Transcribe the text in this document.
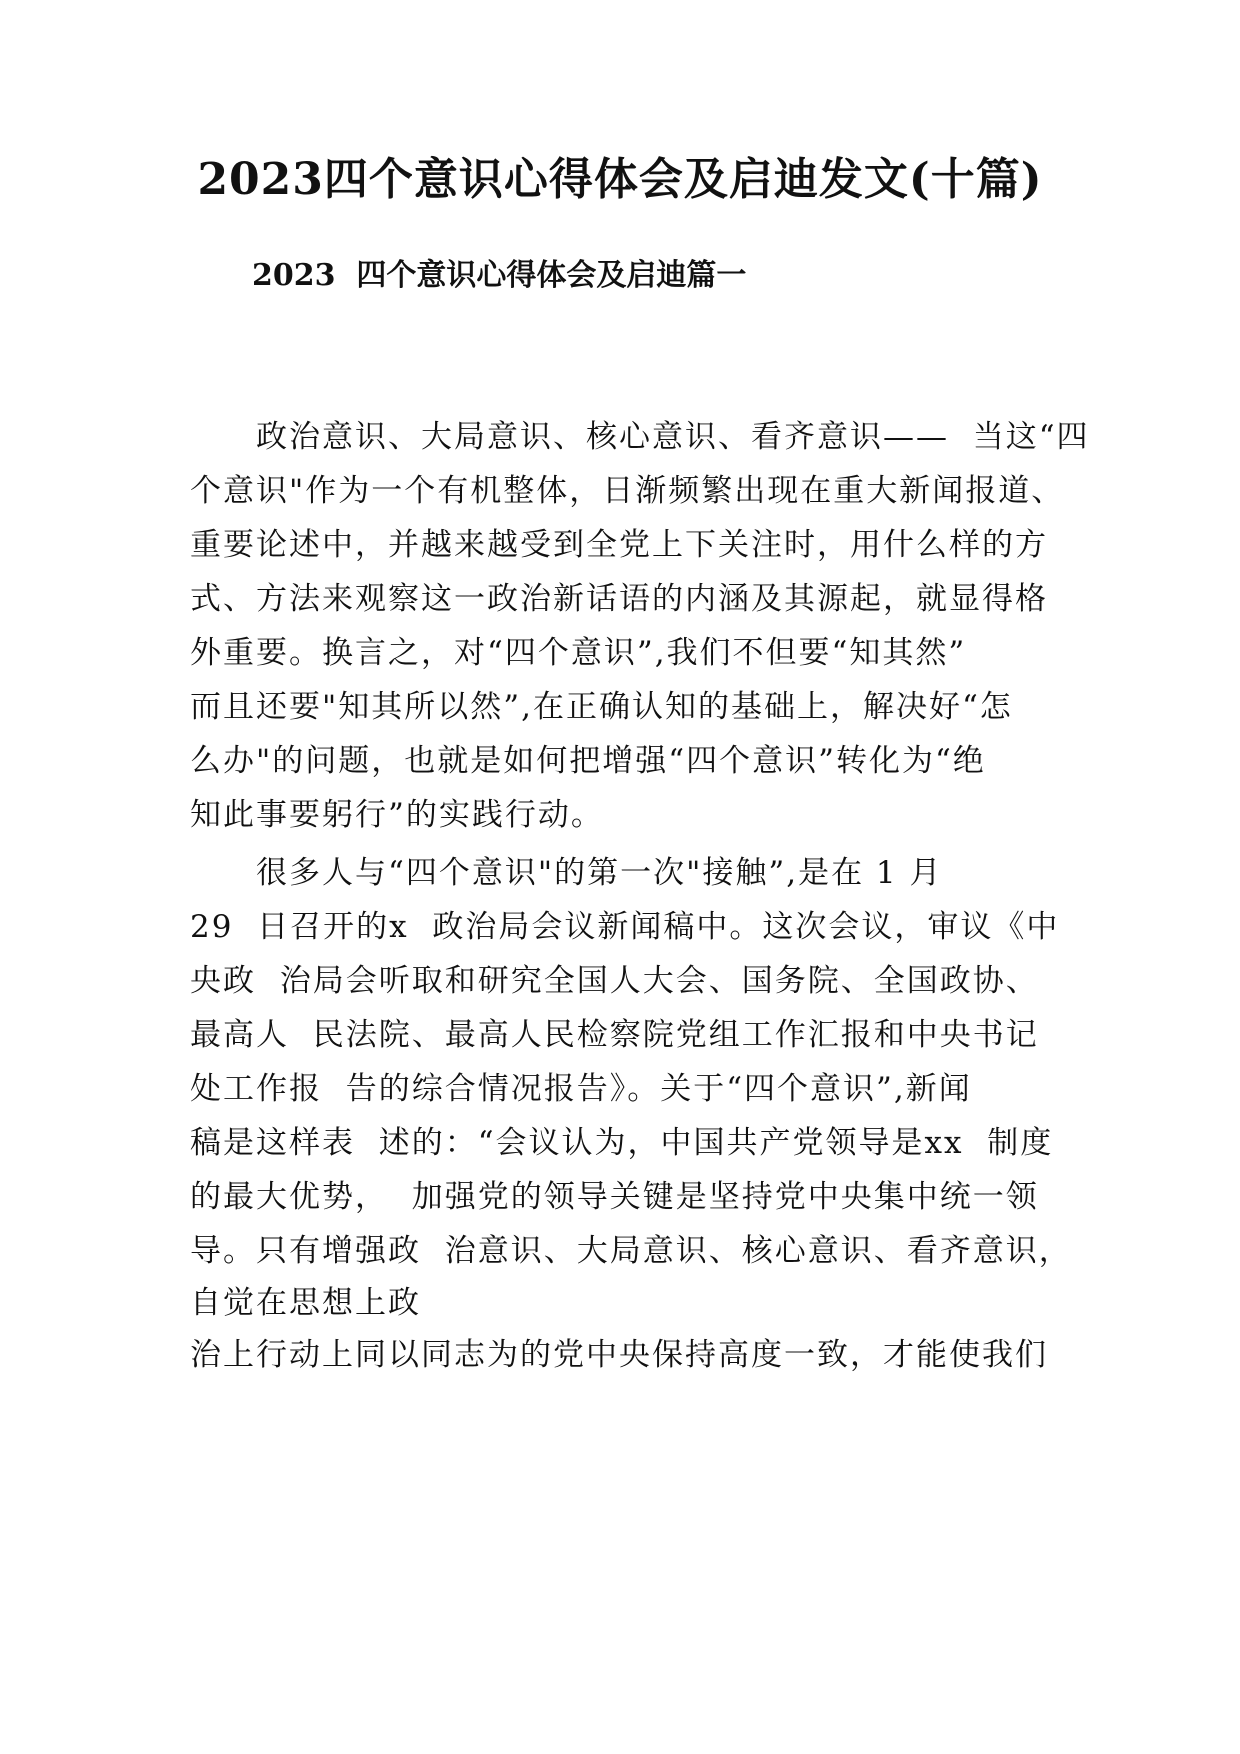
2023四个意识心得体会及启迪发文(十篇)
2023  四个意识心得体会及启迪篇一
政治意识、大局意识、核心意识、看齐意识——  当这“四
个意识"作为一个有机整体，日渐频繁出现在重大新闻报道、
重要论述中，并越来越受到全党上下关注时，用什么样的方
式、方法来观察这一政治新话语的内涵及其源起，就显得格
外重要。换言之，对“四个意识”,我们不但要“知其然”
而且还要"知其所以然”,在正确认知的基础上，解决好“怎
么办"的问题，也就是如何把增强“四个意识”转化为“绝
知此事要躬行”的实践行动。
很多人与“四个意识"的第一次"接触”,是在 1 月
29  日召开的x  政治局会议新闻稿中。这次会议，审议《中
央政  治局会听取和研究全国人大会、国务院、全国政协、
最高人  民法院、最高人民检察院党组工作汇报和中央书记
处工作报  告的综合情况报告》。关于“四个意识”,新闻
稿是这样表  述的：“会议认为，中国共产党领导是xx  制度
的最大优势，  加强党的领导关键是坚持党中央集中统一领
导。只有增强政  治意识、大局意识、核心意识、看齐意识，
自觉在思想上政
治上行动上同以同志为的党中央保持高度一致，才能使我们
